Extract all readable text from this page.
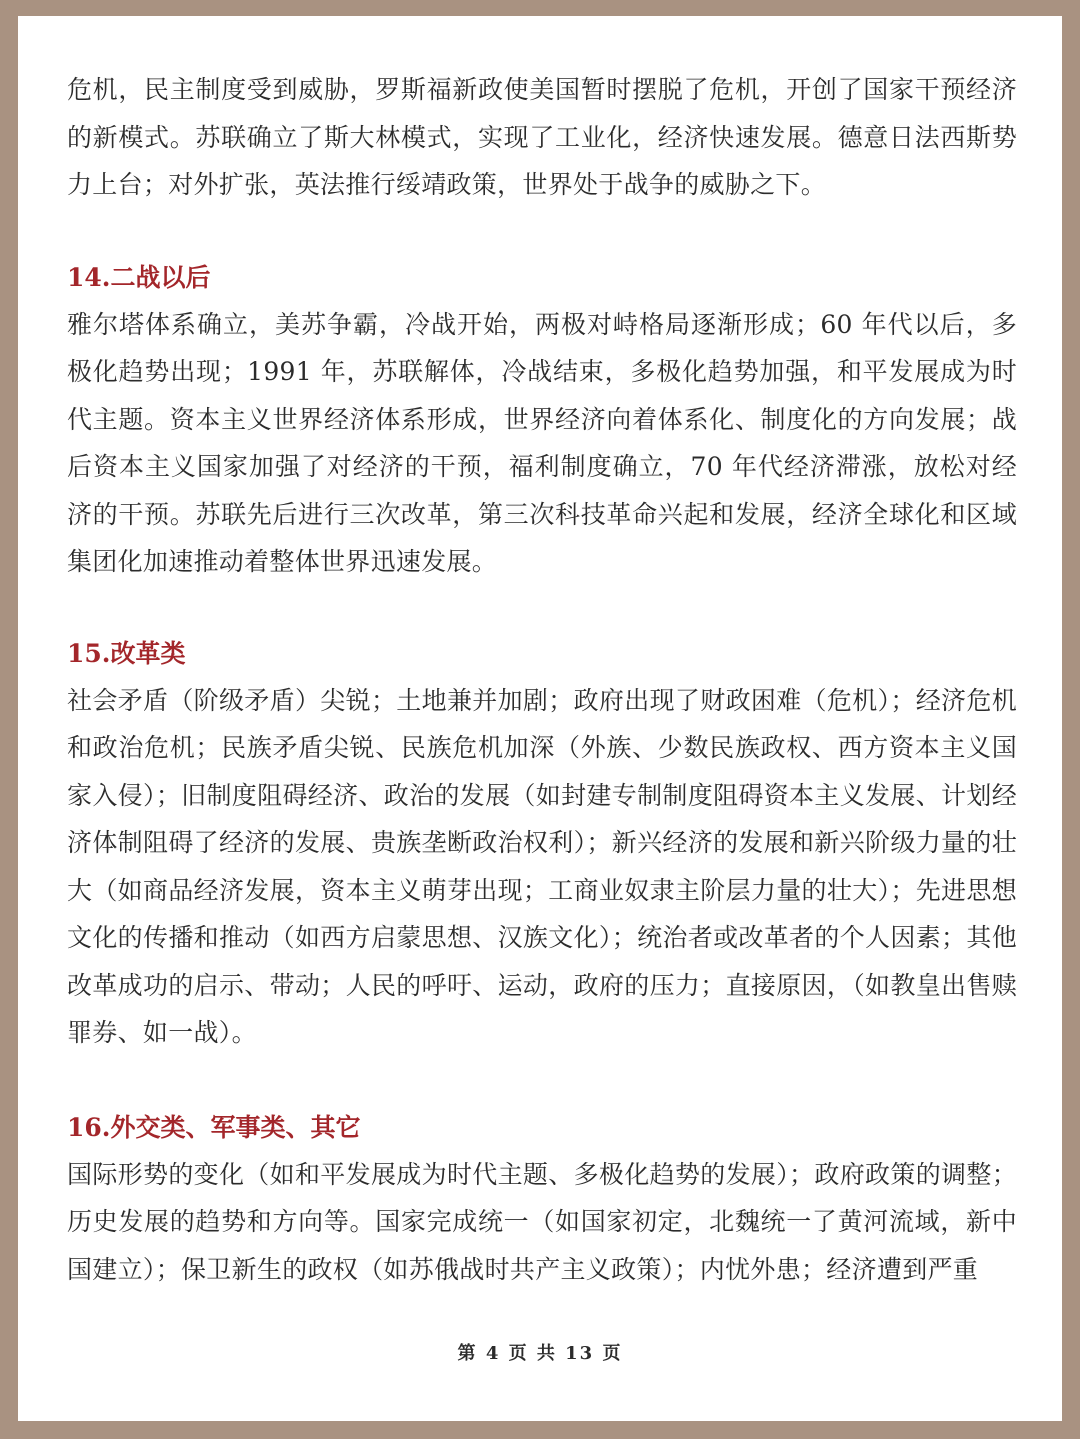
危机，民主制度受到威胁，罗斯福新政使美国暂时摆脱了危机，开创了国家干预经济的新模式。苏联确立了斯大林模式，实现了工业化，经济快速发展。德意日法西斯势力上台；对外扩张，英法推行绥靖政策，世界处于战争的威胁之下。

14.二战以后

雅尔塔体系确立，美苏争霸，冷战开始，两极对峙格局逐渐形成；60 年代以后，多极化趋势出现；1991 年，苏联解体，冷战结束，多极化趋势加强，和平发展成为时代主题。资本主义世界经济体系形成，世界经济向着体系化、制度化的方向发展；战后资本主义国家加强了对经济的干预，福利制度确立，70 年代经济滞涨，放松对经济的干预。苏联先后进行三次改革，第三次科技革命兴起和发展，经济全球化和区域集团化加速推动着整体世界迅速发展。

15.改革类

社会矛盾（阶级矛盾）尖锐；土地兼并加剧；政府出现了财政困难（危机）；经济危机和政治危机；民族矛盾尖锐、民族危机加深（外族、少数民族政权、西方资本主义国家入侵）；旧制度阻碍经济、政治的发展（如封建专制制度阻碍资本主义发展、计划经济体制阻碍了经济的发展、贵族垄断政治权利）；新兴经济的发展和新兴阶级力量的壮大（如商品经济发展，资本主义萌芽出现；工商业奴隶主阶层力量的壮大）；先进思想文化的传播和推动（如西方启蒙思想、汉族文化）；统治者或改革者的个人因素；其他改革成功的启示、带动；人民的呼吁、运动，政府的压力；直接原因，（如教皇出售赎罪券、如一战）。

16.外交类、军事类、其它

国际形势的变化（如和平发展成为时代主题、多极化趋势的发展）；政府政策的调整；历史发展的趋势和方向等。国家完成统一（如国家初定，北魏统一了黄河流域，新中国建立）；保卫新生的政权（如苏俄战时共产主义政策）；内忧外患；经济遭到严重

第 4 页 共 13 页
